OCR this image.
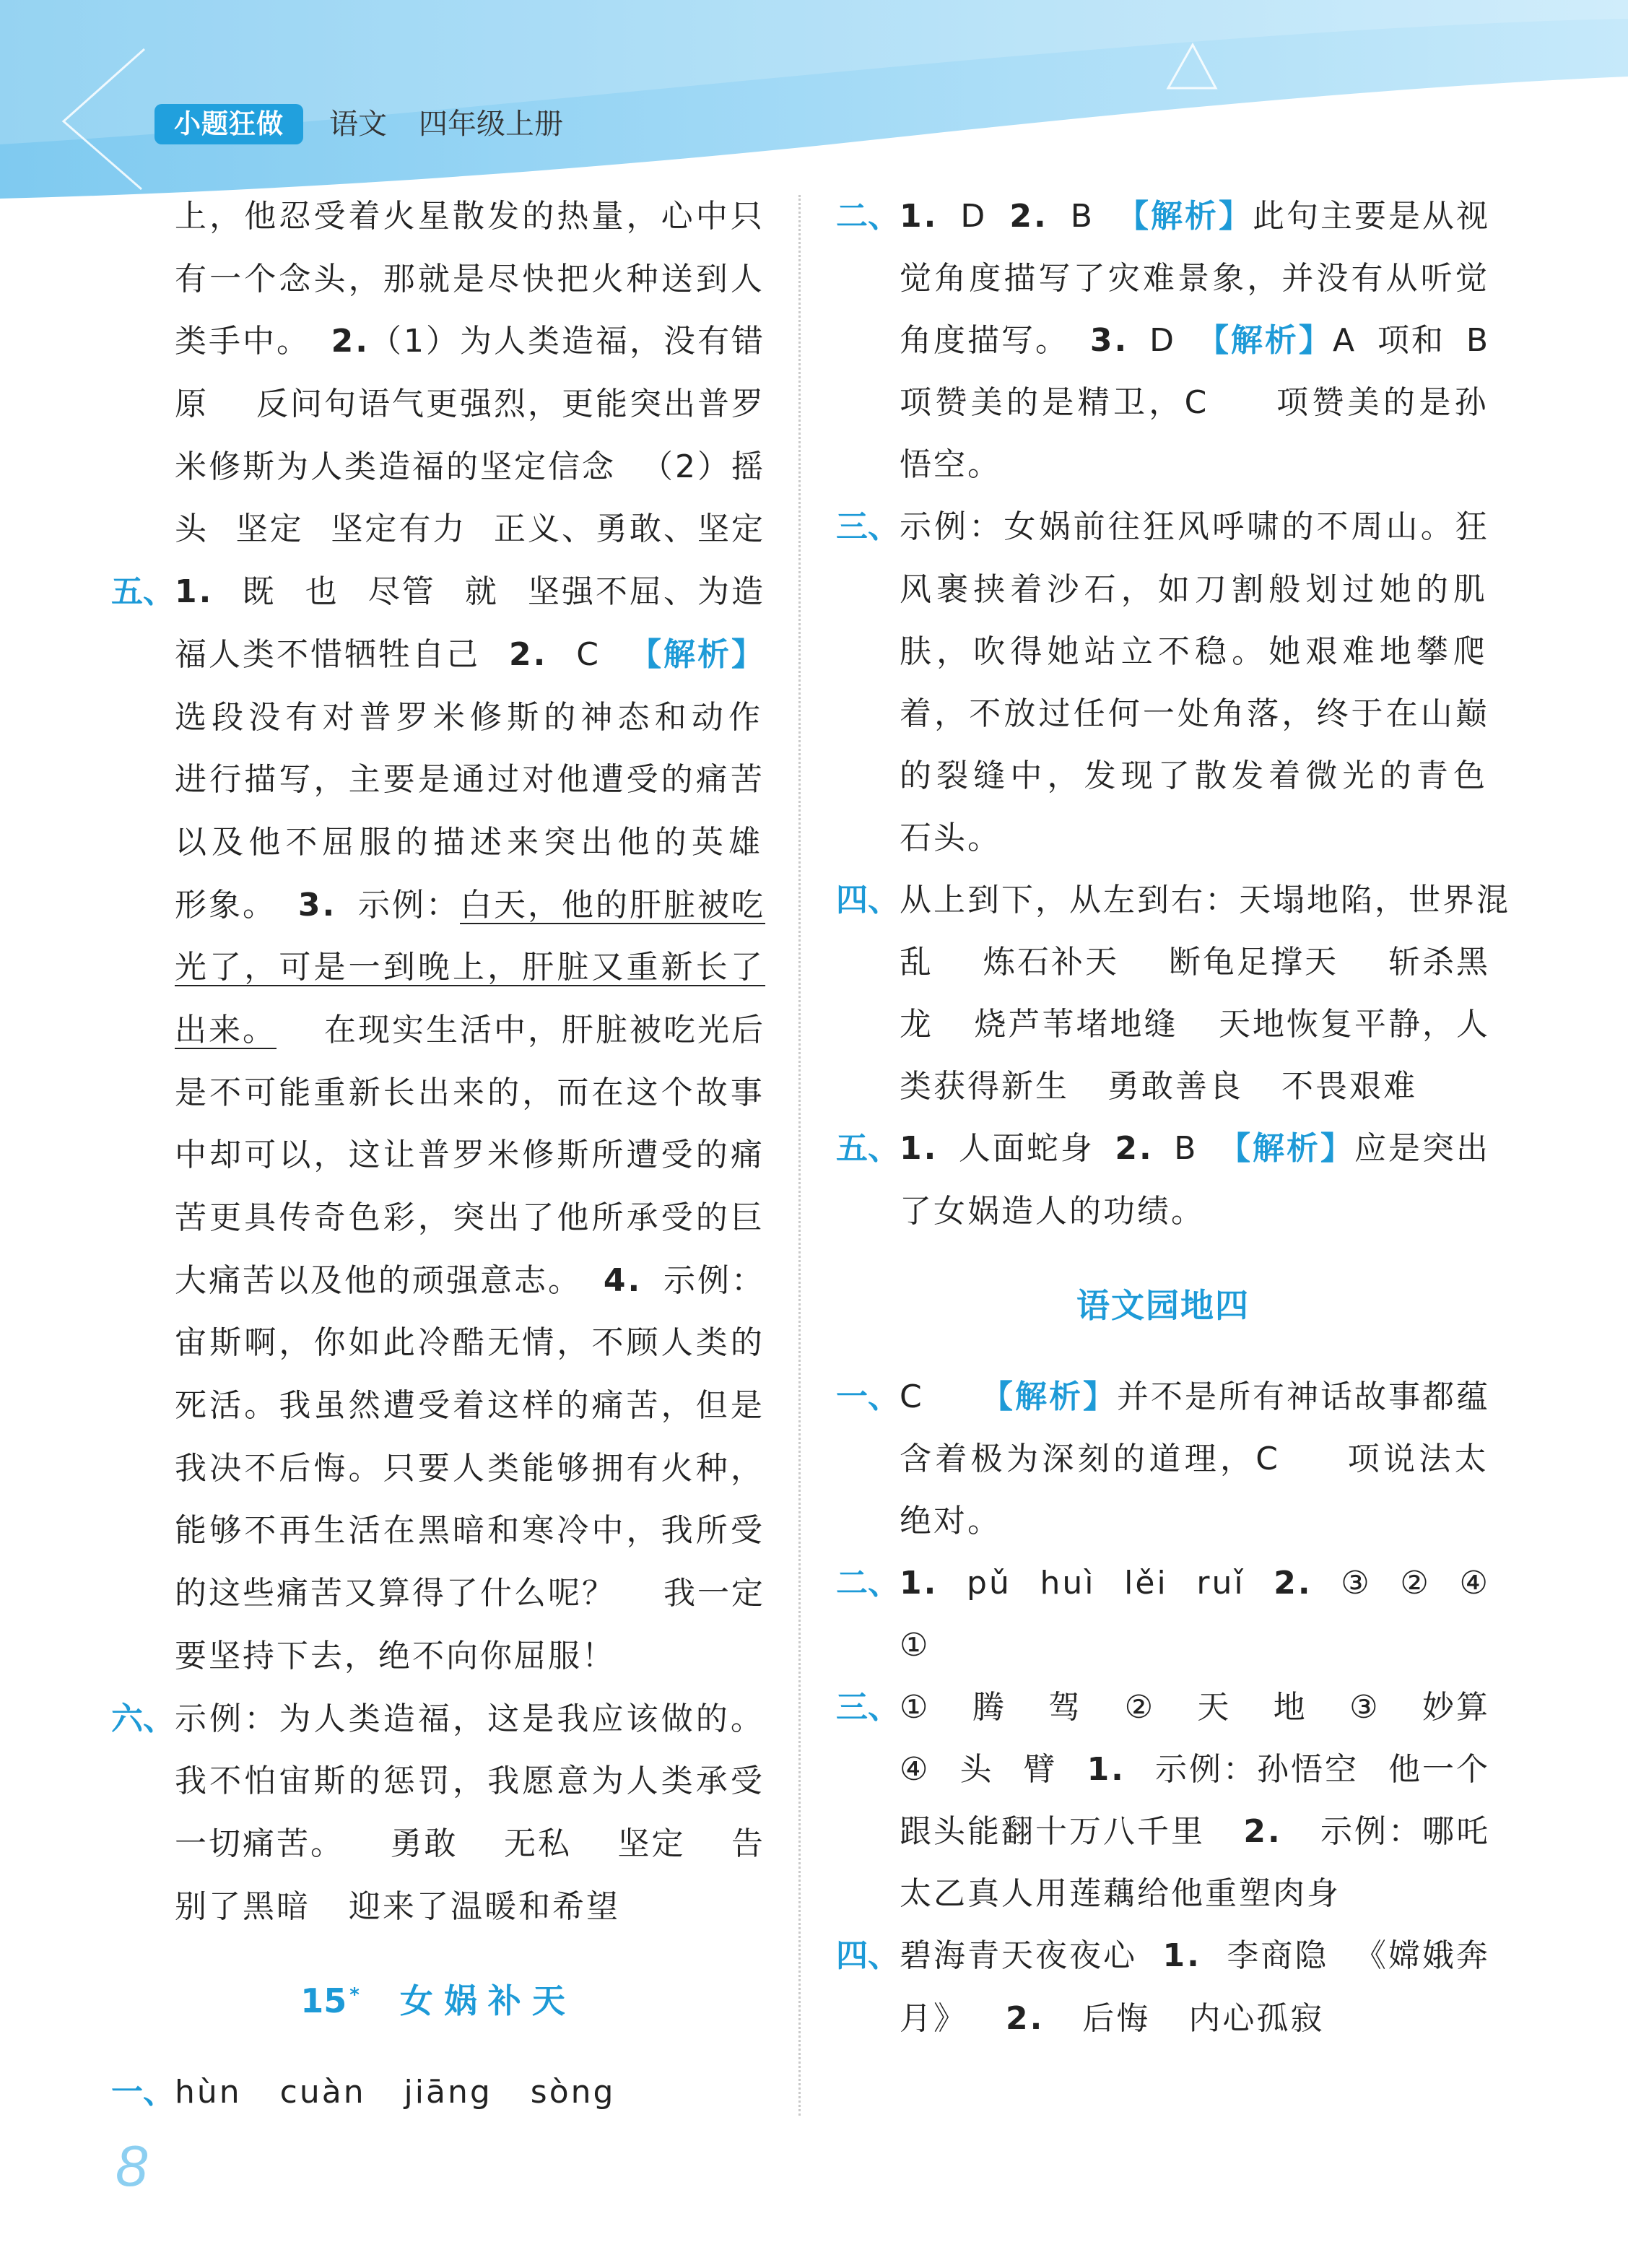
小题狂做	语文 四年级上册
上，他忍受着火星散发的热量，心中只
有一个念头，那就是尽快把火种送到人
类手中。 2.（1）为人类造福，没有错
原 反问句语气更强烈，更能突出普罗
米修斯为人类造福的坚定信念 （2）摇
头 坚定 坚定有力 正义、勇敢、坚定
五、 1. 既 也 尽管 就 坚强不屈、为造
福人类不惜牺牲自己 2. C 【解析】
选段没有对普罗米修斯的神态和动作
进行描写，主要是通过对他遭受的痛苦
以及他不屈服的描述来突出他的英雄
形象。 3. 示例：白天，他的肝脏被吃
光了，可是一到晚上，肝脏又重新长了
出来。 在现实生活中，肝脏被吃光后
是不可能重新长出来的，而在这个故事
中却可以，这让普罗米修斯所遭受的痛
苦更具传奇色彩，突出了他所承受的巨
大痛苦以及他的顽强意志。 4. 示例：
宙斯啊，你如此冷酷无情，不顾人类的
死活。我虽然遭受着这样的痛苦，但是
我决不后悔。只要人类能够拥有火种，
能够不再生活在黑暗和寒冷中，我所受
的这些痛苦又算得了什么呢？ 我一定
要坚持下去，绝不向你屈服！
六、 示例：为人类造福，这是我应该做的。
我不怕宙斯的惩罚，我愿意为人类承受
一切痛苦。 勇敢 无私 坚定 告
别了黑暗 迎来了温暖和希望
15 * 女娲补天
一、 hùn cuàn jiāng sòng
二、 1. D 2. B 【解析】此句主要是从视
觉角度描写了灾难景象，并没有从听觉
角度描写。 3. D 【解析】A 项和 B
项赞美的是精卫，C 项赞美的是孙
悟空。
三、 示例：女娲前往狂风呼啸的不周山。狂
风裹挟着沙石，如刀割般划过她的肌
肤，吹得她站立不稳。她艰难地攀爬
着，不放过任何一处角落，终于在山巅
的裂缝中，发现了散发着微光的青色
石头。
四、 从上到下，从左到右：天塌地陷，世界混
乱 炼石补天 断龟足撑天 斩杀黑
龙 烧芦苇堵地缝 天地恢复平静，人
类获得新生 勇敢善良 不畏艰难
五、 1. 人面蛇身 2. B 【解析】应是突出
了女娲造人的功绩。
语文园地四
一、 C 【解析】并不是所有神话故事都蕴
含着极为深刻的道理，C 项说法太
绝对。
二、 1. pǔ huì lěi ruǐ 2. ③ ② ④
①
三、 ① 腾 驾 ② 天 地 ③ 妙算
④ 头 臂 1. 示例：孙悟空 他一个
跟头能翻十万八千里 2. 示例：哪吒
太乙真人用莲藕给他重塑肉身
四、 碧海青天夜夜心 1. 李商隐 《嫦娥奔
月》 2. 后悔 内心孤寂
8
